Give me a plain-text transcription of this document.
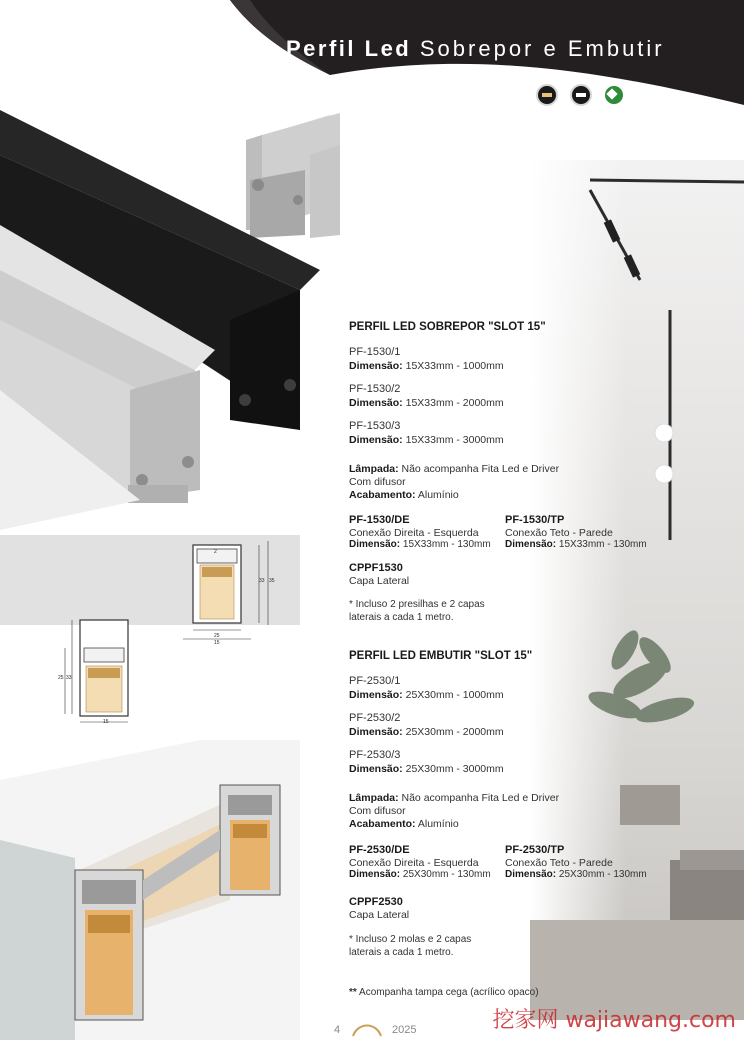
Perfil Led Sobrepor e Embutir
Interna
Branco Texturizado
Preto Texturizado
2
33 35
25
15
25 33
15
PERFIL LED SOBREPOR "SLOT 15"
PF-1530/1
Dimensão: 15X33mm - 1000mm
PF-1530/2
Dimensão: 15X33mm - 2000mm
PF-1530/3
Dimensão: 15X33mm - 3000mm
Lâmpada: Não acompanha Fita Led e Driver
Com difusor
Acabamento: Alumínio
PF-1530/DE
Conexão Direita - Esquerda
Dimensão: 15X33mm - 130mm
PF-1530/TP
Conexão Teto - Parede
Dimensão: 15X33mm - 130mm
CPPF1530
Capa Lateral
* Incluso 2 presilhas e 2 capas
laterais a cada 1 metro.
PERFIL LED EMBUTIR "SLOT 15"
PF-2530/1
Dimensão: 25X30mm - 1000mm
PF-2530/2
Dimensão: 25X30mm - 2000mm
PF-2530/3
Dimensão: 25X30mm - 3000mm
Lâmpada: Não acompanha Fita Led e Driver
Com difusor
Acabamento: Alumínio
PF-2530/DE
Conexão Direita - Esquerda
Dimensão: 25X30mm - 130mm
PF-2530/TP
Conexão Teto - Parede
Dimensão: 25X30mm - 130mm
CPPF2530
Capa Lateral
* Incluso 2 molas e 2 capas
laterais a cada 1 metro.
** Acompanha tampa cega (acrílico opaco)
4	2025	挖家网 wajiawang.com
